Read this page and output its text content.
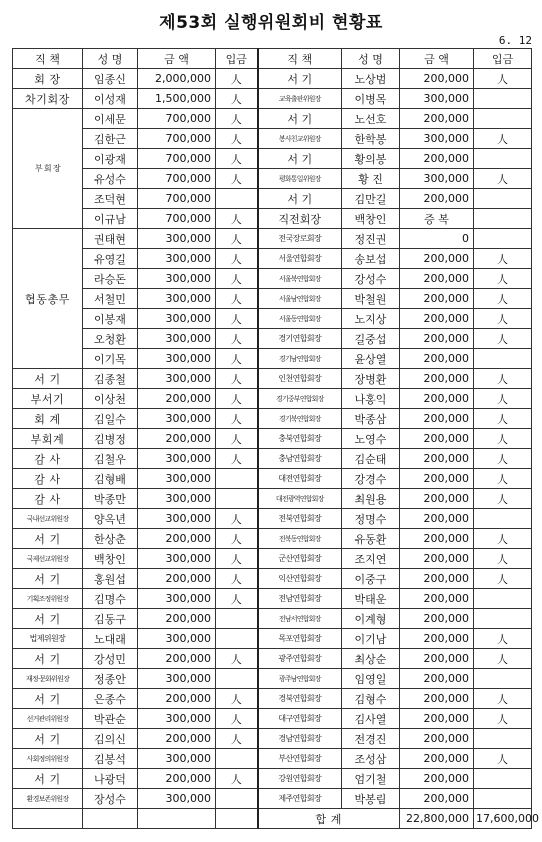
제53회 실행위원회비 현황표
6. 12
직 책	성 명	금 액	입금	직 책	성 명	금 액	입금
회 장	임종신	2,000,000	人	서 기	노상범	200,000	人
차기회장	이성재	1,500,000	人	교육출판위원장	이병목	300,000	
부 회 장	이세문	700,000	人	서 기	노선호	200,000	
	김한근	700,000	人	봉사친교위원장	한학봉	300,000	人
	이광재	700,000	人	서 기	황의봉	200,000	
	유성수	700,000	人	평화통일위원장	황 진	300,000	人
	조덕현	700,000		서 기	김만길	200,000	
	이규남	700,000	人	직전회장	백창인	증 복	
협동총무	권태현	300,000	人	전국장로회장	정진권	0	
	유영길	300,000	人	서울연합회장	송보섭	200,000	人
	라승돈	300,000	人	서울북연합회장	강성수	200,000	人
	서철민	300,000	人	서울남연합회장	박철원	200,000	人
	이봉재	300,000	人	서울동연합회장	노지상	200,000	人
	오청환	300,000	人	경기연합회장	길중섭	200,000	人
	이기목	300,000	人	경기남연합회장	윤상열	200,000	
서 기	김종철	300,000	人	인천연합회장	장병환	200,000	人
부서기	이상천	200,000	人	경기중부연합회장	나홍익	200,000	人
회 계	김일수	300,000	人	경기북연합회장	박종삼	200,000	人
부회계	김병정	200,000	人	충북연합회장	노영수	200,000	人
감 사	김철우	300,000	人	충남연합회장	김순태	200,000	人
감 사	김형배	300,000		대전연합회장	강경수	200,000	人
감 사	박종만	300,000		대전광역연합회장	최원용	200,000	人
국내선교위원장	양옥년	300,000	人	전북연합회장	정명수	200,000	
서 기	한상춘	200,000	人	전북동연합회장	유동환	200,000	人
국제선교위원장	백창인	300,000	人	군산연합회장	조지연	200,000	人
서 기	홍원섭	200,000	人	익산연합회장	이중구	200,000	人
기획조정위원장	김명수	300,000	人	전남연합회장	박태운	200,000	
서 기	김동구	200,000		전남서연합회장	이계형	200,000	
법제위원장	노대래	300,000		목포연합회장	이기남	200,000	人
서 기	강성민	200,000	人	광주연합회장	최상순	200,000	人
재정·문화위원장	정종안	300,000		광주남연합회장	임영일	200,000	
서 기	은종수	200,000	人	경북연합회장	김형수	200,000	人
선거관리위원장	박관순	300,000	人	대구연합회장	김사열	200,000	人
서 기	김의신	200,000	人	경남연합회장	전경진	200,000	
사회정의위원장	김봉석	300,000		부산연합회장	조성삼	200,000	人
서 기	나광덕	200,000	人	강원연합회장	엄기철	200,000	
환경보존위원장	장성수	300,000		제주연합회장	박봉림	200,000	
				합 계		22,800,000	17,600,000
